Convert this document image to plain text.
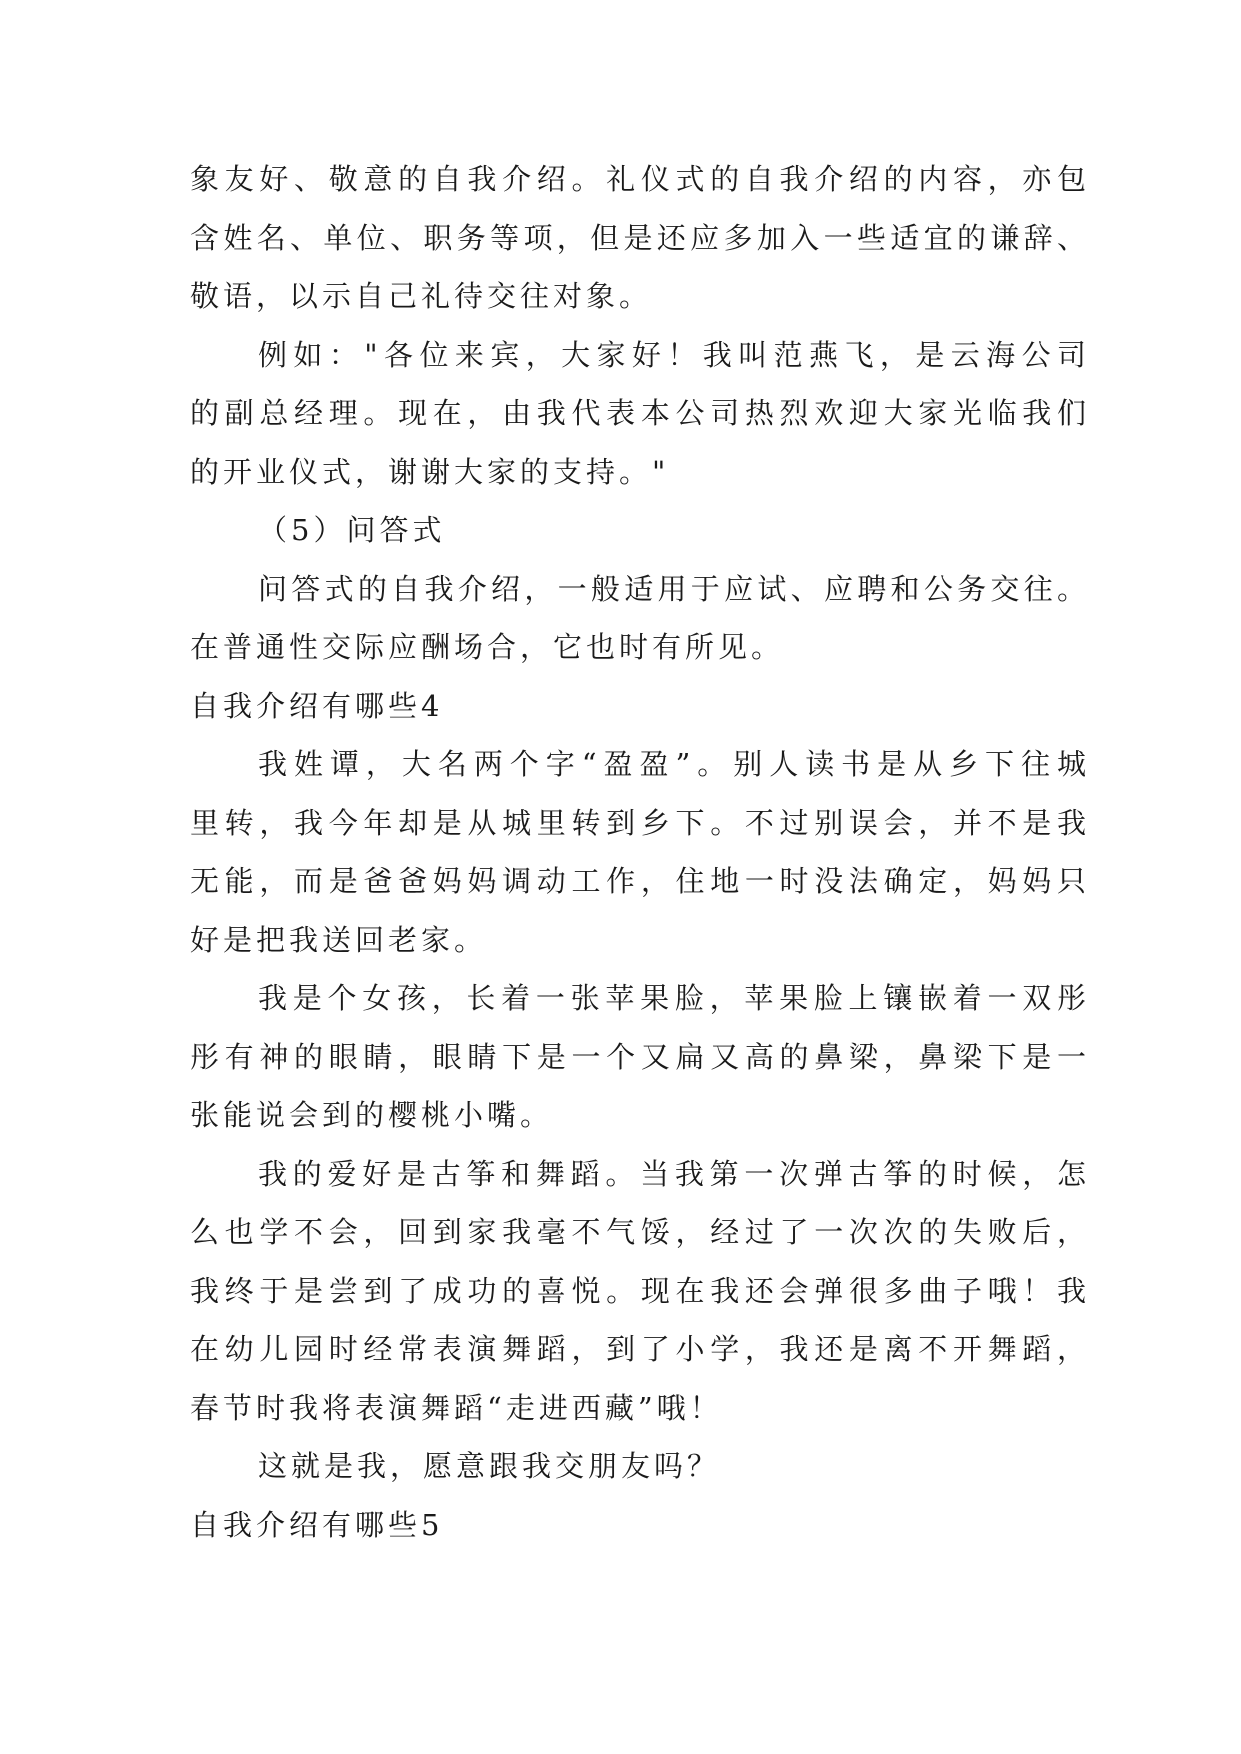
象友好、敬意的自我介绍。礼仪式的自我介绍的内容，亦包
含姓名、单位、职务等项，但是还应多加入一些适宜的谦辞、
敬语，以示自己礼待交往对象。
例如："各位来宾，大家好！我叫范燕飞，是云海公司
的副总经理。现在，由我代表本公司热烈欢迎大家光临我们
的开业仪式，谢谢大家的支持。"
（5）问答式
问答式的自我介绍，一般适用于应试、应聘和公务交往。
在普通性交际应酬场合，它也时有所见。
自我介绍有哪些4
我姓谭，大名两个字“盈盈”。别人读书是从乡下往城
里转，我今年却是从城里转到乡下。不过别误会，并不是我
无能，而是爸爸妈妈调动工作，住地一时没法确定，妈妈只
好是把我送回老家。
我是个女孩，长着一张苹果脸，苹果脸上镶嵌着一双彤
彤有神的眼睛，眼睛下是一个又扁又高的鼻梁，鼻梁下是一
张能说会到的樱桃小嘴。
我的爱好是古筝和舞蹈。当我第一次弹古筝的时候，怎
么也学不会，回到家我毫不气馁，经过了一次次的失败后，
我终于是尝到了成功的喜悦。现在我还会弹很多曲子哦！我
在幼儿园时经常表演舞蹈，到了小学，我还是离不开舞蹈，
春节时我将表演舞蹈“走进西藏”哦！
这就是我，愿意跟我交朋友吗？
自我介绍有哪些5
